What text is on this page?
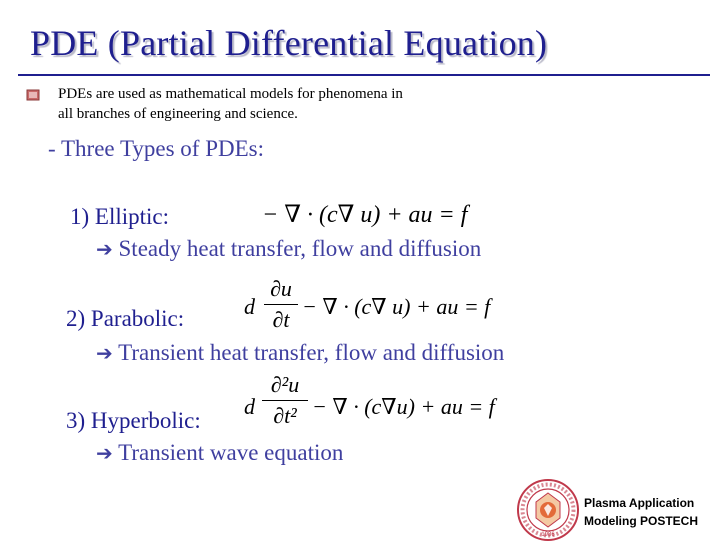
PDE (Partial Differential Equation)
PDEs are used as mathematical models for phenomena in
all branches of engineering and science.
- Three Types of PDEs:
1) Elliptic:	− ∇ · (c∇ u) + au = f
➔ Steady heat transfer, flow and diffusion
2) Parabolic:	d
∂u
∂t
− ∇ · (c∇ u) + au = f
➔ Transient heat transfer, flow and diffusion
3) Hyperbolic:
d
∂²u
∂t² − ∇ · (c∇u) + au = f
➔ Transient wave equation
1986
Plasma Application
Modeling POSTECH
